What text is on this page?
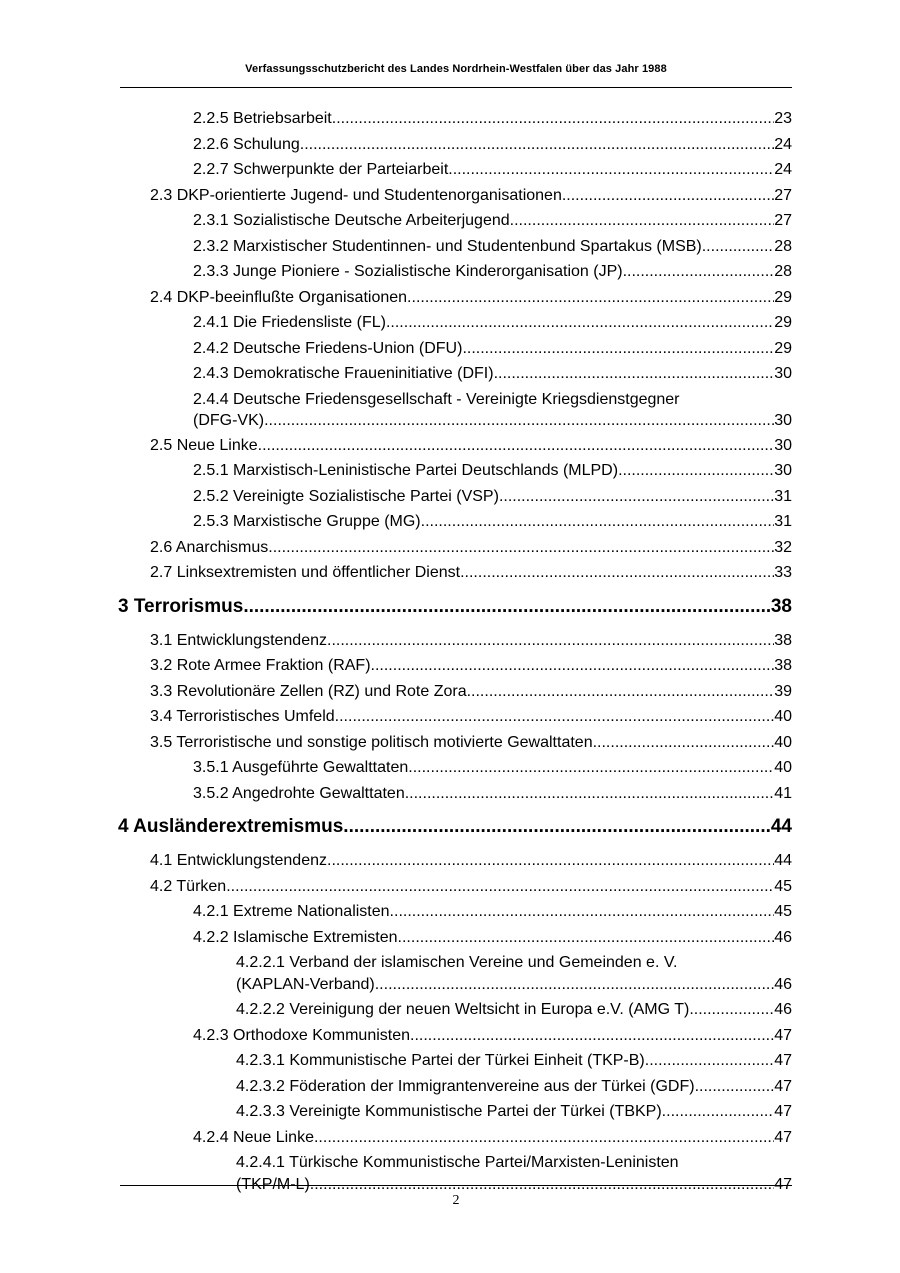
Verfassungsschutzbericht des Landes Nordrhein-Westfalen über das Jahr 1988
2.2.5 Betriebsarbeit .....	23
2.2.6 Schulung .....	24
2.2.7 Schwerpunkte der Parteiarbeit .....	24
2.3 DKP-orientierte Jugend- und Studentenorganisationen .....	27
2.3.1 Sozialistische Deutsche Arbeiterjugend .....	27
2.3.2 Marxistischer Studentinnen- und Studentenbund Spartakus (MSB) .....	28
2.3.3 Junge Pioniere - Sozialistische Kinderorganisation (JP) .....	28
2.4 DKP-beeinflußte Organisationen .....	29
2.4.1 Die Friedensliste (FL) .....	29
2.4.2 Deutsche Friedens-Union (DFU) .....	29
2.4.3 Demokratische Fraueninitiative (DFI) .....	30
2.4.4 Deutsche Friedensgesellschaft - Vereinigte Kriegsdienstgegner
(DFG-VK) .....	30
2.5 Neue Linke .....	30
2.5.1 Marxistisch-Leninistische Partei Deutschlands (MLPD) .....	30
2.5.2 Vereinigte Sozialistische Partei (VSP) .....	31
2.5.3 Marxistische Gruppe (MG) .....	31
2.6 Anarchismus .....	32
2.7 Linksextremisten und öffentlicher Dienst .....	33
3 Terrorismus .....	38
3.1 Entwicklungstendenz .....	38
3.2 Rote Armee Fraktion (RAF) .....	38
3.3 Revolutionäre Zellen (RZ) und Rote Zora .....	39
3.4 Terroristisches Umfeld .....	40
3.5 Terroristische und sonstige politisch motivierte Gewalttaten .....	40
3.5.1 Ausgeführte Gewalttaten .....	40
3.5.2 Angedrohte Gewalttaten .....	41
4 Ausländerextremismus .....	44
4.1 Entwicklungstendenz .....	44
4.2 Türken .....	45
4.2.1 Extreme Nationalisten .....	45
4.2.2 Islamische Extremisten .....	46
4.2.2.1 Verband der islamischen Vereine und Gemeinden e. V.
(KAPLAN-Verband) .....	46
4.2.2.2 Vereinigung der neuen Weltsicht in Europa e.V. (AMG T) .....	46
4.2.3 Orthodoxe Kommunisten .....	47
4.2.3.1 Kommunistische Partei der Türkei Einheit (TKP-B) .....	47
4.2.3.2 Föderation der Immigrantenvereine aus der Türkei (GDF) .....	47
4.2.3.3 Vereinigte Kommunistische Partei der Türkei (TBKP) .....	47
4.2.4 Neue Linke .....	47
4.2.4.1 Türkische Kommunistische Partei/Marxisten-Leninisten
(TKP/M-L) .....	47
2
